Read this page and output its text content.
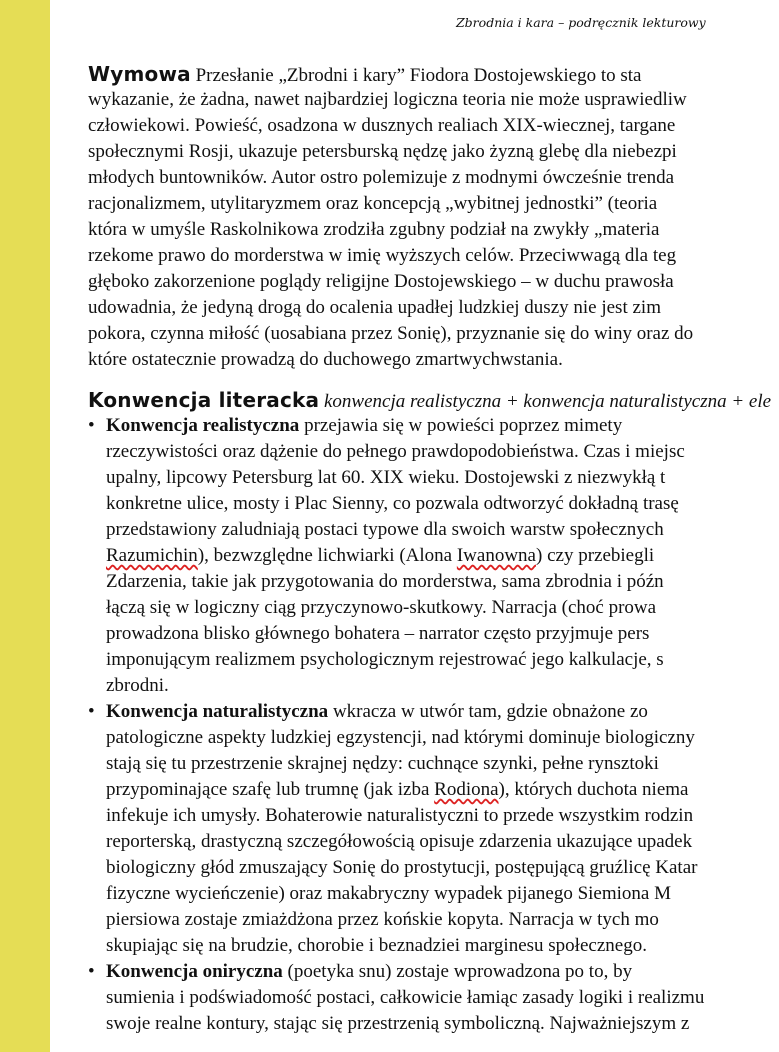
Zbrodnia i kara – podręcznik lekturowy
Wymowa Przesłanie „Zbrodni i kary” Fiodora Dostojewskiego to sta
wykazanie, że żadna, nawet najbardziej logiczna teoria nie może usprawiedliw
człowiekowi. Powieść, osadzona w dusznych realiach XIX-wiecznej, targane
społecznymi Rosji, ukazuje petersburską nędzę jako żyzną glebę dla niebezpi
młodych buntowników. Autor ostro polemizuje z modnymi ówcześnie trenda
racjonalizmem, utylitaryzmem oraz koncepcją „wybitnej jednostki” (teoria
która w umyśle Raskolnikowa zrodziła zgubny podział na zwykły „materia
rzekome prawo do morderstwa w imię wyższych celów. Przeciwwagą dla teg
głęboko zakorzenione poglądy religijne Dostojewskiego – w duchu prawosła
udowadnia, że jedyną drogą do ocalenia upadłej ludzkiej duszy nie jest zim
pokora, czynna miłość (uosabiana przez Sonię), przyznanie się do winy oraz do
które ostatecznie prowadzą do duchowego zmartwychwstania.
Konwencja literacka konwencja realistyczna + konwencja naturalistyczna + ele
• Konwencja realistyczna przejawia się w powieści poprzez mimety
rzeczywistości oraz dążenie do pełnego prawdopodobieństwa. Czas i miejsc
upalny, lipcowy Petersburg lat 60. XIX wieku. Dostojewski z niezwykłą t
konkretne ulice, mosty i Plac Sienny, co pozwala odtworzyć dokładną trasę
przedstawiony zaludniają postaci typowe dla swoich warstw społecznych
Razumichin), bezwzględne lichwiarki (Alona Iwanowna) czy przebiegli
Zdarzenia, takie jak przygotowania do morderstwa, sama zbrodnia i późn
łączą się w logiczny ciąg przyczynowo-skutkowy. Narracja (choć prowa
prowadzona blisko głównego bohatera – narrator często przyjmuje pers
imponującym realizmem psychologicznym rejestrować jego kalkulacje, s
zbrodni.
• Konwencja naturalistyczna wkracza w utwór tam, gdzie obnażone zo
patologiczne aspekty ludzkiej egzystencji, nad którymi dominuje biologiczny
stają się tu przestrzenie skrajnej nędzy: cuchnące szynki, pełne rynsztoki
przypominające szafę lub trumnę (jak izba Rodiona), których duchota niema
infekuje ich umysły. Bohaterowie naturalistyczni to przede wszystkim rodzin
reporterską, drastyczną szczegółowością opisuje zdarzenia ukazujące upadek
biologiczny głód zmuszający Sonię do prostytucji, postępującą gruźlicę Katar
fizyczne wycieńczenie) oraz makabryczny wypadek pijanego Siemiona M
piersiowa zostaje zmiażdżona przez końskie kopyta. Narracja w tych mo
skupiając się na brudzie, chorobie i beznadziei marginesu społecznego.
• Konwencja oniryczna (poetyka snu) zostaje wprowadzona po to, by
sumienia i podświadomość postaci, całkowicie łamiąc zasady logiki i realizmu
swoje realne kontury, stając się przestrzenią symboliczną. Najważniejszym z
